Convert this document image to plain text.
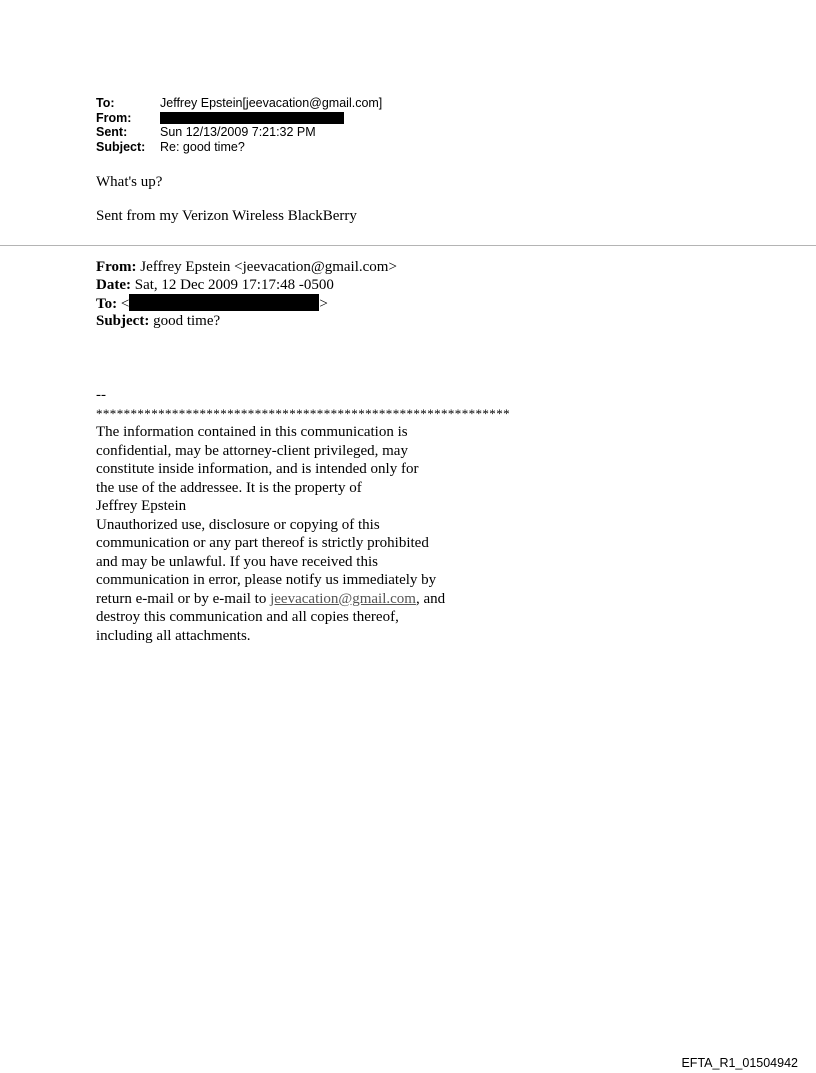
To:	Jeffrey Epstein[jeevacation@gmail.com]
From:
Sent:	Sun 12/13/2009 7:21:32 PM
Subject:	Re: good time?

What's up?

Sent from my Verizon Wireless BlackBerry

From: Jeffrey Epstein <jeevacation@gmail.com>
Date: Sat, 12 Dec 2009 17:17:48 -0500
To: <	>
Subject: good time?
--
************************************************************
The information contained in this communication is
confidential, may be attorney-client privileged, may
constitute inside information, and is intended only for
the use of the addressee. It is the property of
Jeffrey Epstein
Unauthorized use, disclosure or copying of this
communication or any part thereof is strictly prohibited
and may be unlawful. If you have received this
communication in error, please notify us immediately by
return e-mail or by e-mail to jeevacation@gmail.com, and
destroy this communication and all copies thereof,
including all attachments.
EFTA_R1_01504942
